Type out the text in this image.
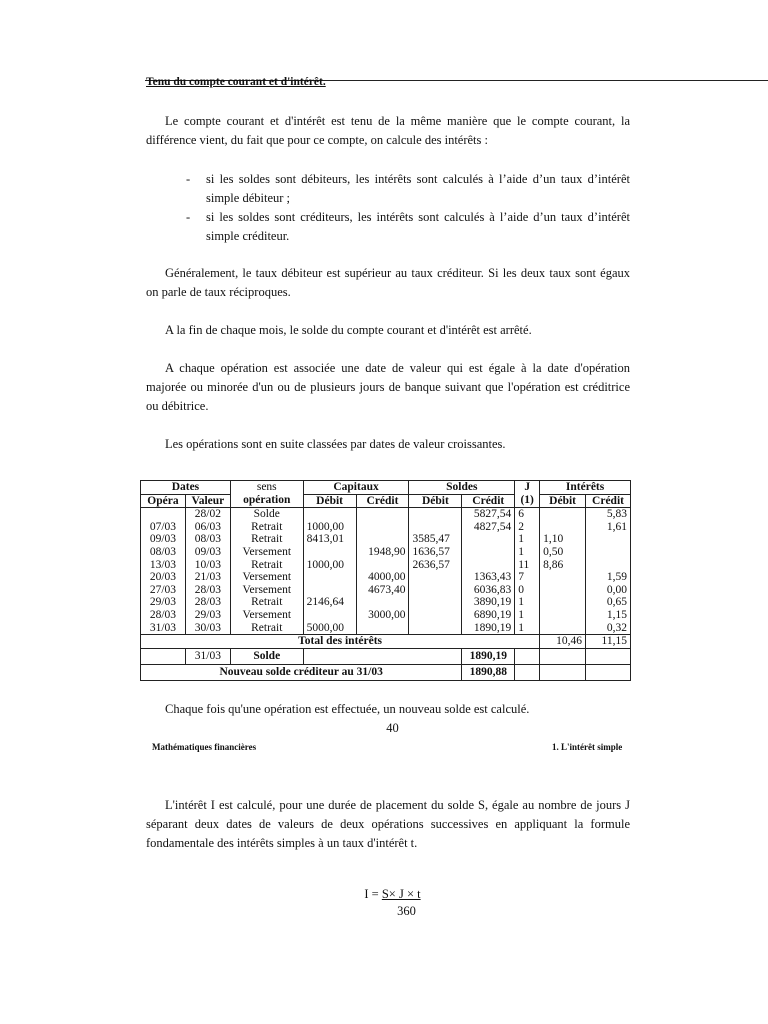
Tenu du compte courant et d'intérêt.

Le compte courant et d'intérêt est tenu de la même manière que le compte courant, la différence vient, du fait que pour ce compte, on calcule des intérêts :

- si les soldes sont débiteurs, les intérêts sont calculés à l’aide d’un taux d’intérêt simple débiteur ;
- si les soldes sont créditeurs, les intérêts sont calculés à l’aide d’un taux d’intérêt simple créditeur.

Généralement, le taux débiteur est supérieur au taux créditeur. Si les deux taux sont égaux on parle de taux réciproques.

A la fin de chaque mois, le solde du compte courant et d'intérêt est arrêté.

A chaque opération est associée une date de valeur qui est égale à la date d'opération majorée ou minorée d'un ou de plusieurs jours de banque suivant que l'opération est créditrice ou débitrice.

Les opérations sont en suite classées par dates de valeur croissantes.

Dates		sens	Capitaux		Soldes		J	Intérêts	
Opéra	Valeur	opération	Débit	Crédit	Débit	Crédit	(1)	Débit	Crédit
	28/02	Solde				5827,54	6		5,83
07/03	06/03	Retrait	1000,00			4827,54	2		1,61
09/03	08/03	Retrait	8413,01		3585,47		1	1,10	
08/03	09/03	Versement		1948,90	1636,57		1	0,50	
13/03	10/03	Retrait	1000,00		2636,57		11	8,86	
20/03	21/03	Versement		4000,00		1363,43	7		1,59
27/03	28/03	Versement		4673,40		6036,83	0		0,00
29/03	28/03	Retrait	2146,64			3890,19	1		0,65
28/03	29/03	Versement		3000,00		6890,19	1		1,15
31/03	30/03	Retrait	5000,00			1890,19	1		0,32
Total des intérêts								10,46	11,15
	31/03	Solde				1890,19			
Nouveau solde créditeur au 31/03						1890,88			
Chaque fois qu'une opération est effectuée, un nouveau solde est calculé.
40
Mathématiques financières	1. L'intérêt simple

L'intérêt I est calculé, pour une durée de placement du solde S, égale au nombre de jours J séparant deux dates de valeurs de deux opérations successives en appliquant la formule fondamentale des intérêts simples à un taux d'intérêt t.

I = S× J × t
360
